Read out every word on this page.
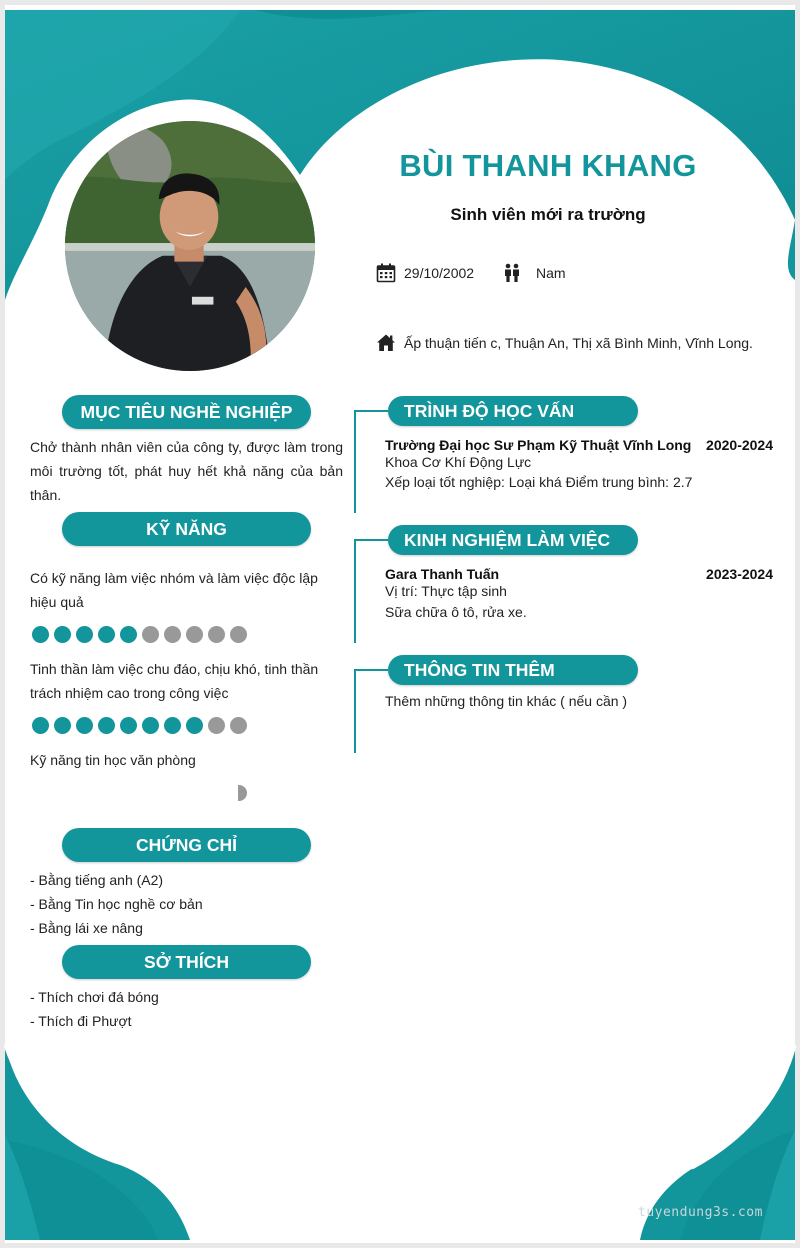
BÙI THANH KHANG
Sinh viên mới ra trường
29/10/2002	Nam
Ấp thuận tiến c, Thuận An, Thị xã Bình Minh, Vĩnh Long.
MỤC TIÊU NGHỀ NGHIỆP
Chở thành nhân viên của công ty, được làm trong môi trường tốt, phát huy hết khả năng của bản thân.
KỸ NĂNG
Có kỹ năng làm việc nhóm và làm việc độc lập hiệu quả
Tinh thần làm việc chu đáo, chịu khó, tinh thần trách nhiệm cao trong công việc
Kỹ năng tin học văn phòng
CHỨNG CHỈ
- Bằng tiếng anh (A2)
- Bằng Tin học nghề cơ bản
- Bằng lái xe nâng
SỞ THÍCH
- Thích chơi đá bóng
- Thích đi Phượt
TRÌNH ĐỘ HỌC VẤN
Trường Đại học Sư Phạm Kỹ Thuật Vĩnh Long	2020-2024
Khoa Cơ Khí Động Lực
Xếp loại tốt nghiệp: Loại khá Điểm trung bình: 2.7
KINH NGHIỆM LÀM VIỆC
Gara Thanh Tuấn	2023-2024
Vị trí: Thực tập sinh
Sữa chữa ô tô, rửa xe.
THÔNG TIN THÊM
Thêm những thông tin khác ( nếu cần )
tuyendung3s.com
